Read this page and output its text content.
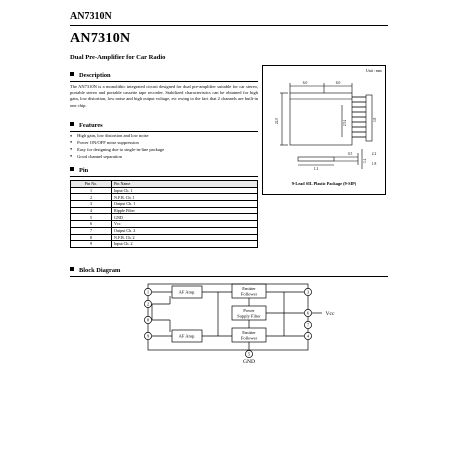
AN7310N
AN7310N
Dual Pre-Amplifier for Car Radio
Description
The AN7310N is a monolithic integrated circuit designed for dual pre-amplifier suitable for car stereo, portable stereo and portable cassette tape recorder. Stabilized characteristics can be obtained for high gain, low distortion, low noise and high output voltage, etc owing to the fact that 2 channels are built-in one chip.
Features
● High gain, low distortion and low noise
● Power ON/OFF noise suppression
● Easy for designing due to single-in-line package
● Good channel separation
Pin
Pin No.	Pin Name
1	Input Ch. 1
2	N.F.B. Ch. 1
3	Output Ch. 1
4	Ripple Filter
5	GND
6	Vcc
7	Output Ch. 2
8	N.F.B. Ch. 2
9	Input Ch. 2
Unit : mm
6.0	6.0
22.0	2.54	3.8
1.2
0.5
3.4
2.2
1.8
9-Lead SIL Plastic Package (9-SIP)
Block Diagram
AF Amp.
Emitter
Follower
Power
Supply Filter
AF Amp.
Emitter
Follower
1
2
3
4
5
6
7
8
9
Vcc
GND
